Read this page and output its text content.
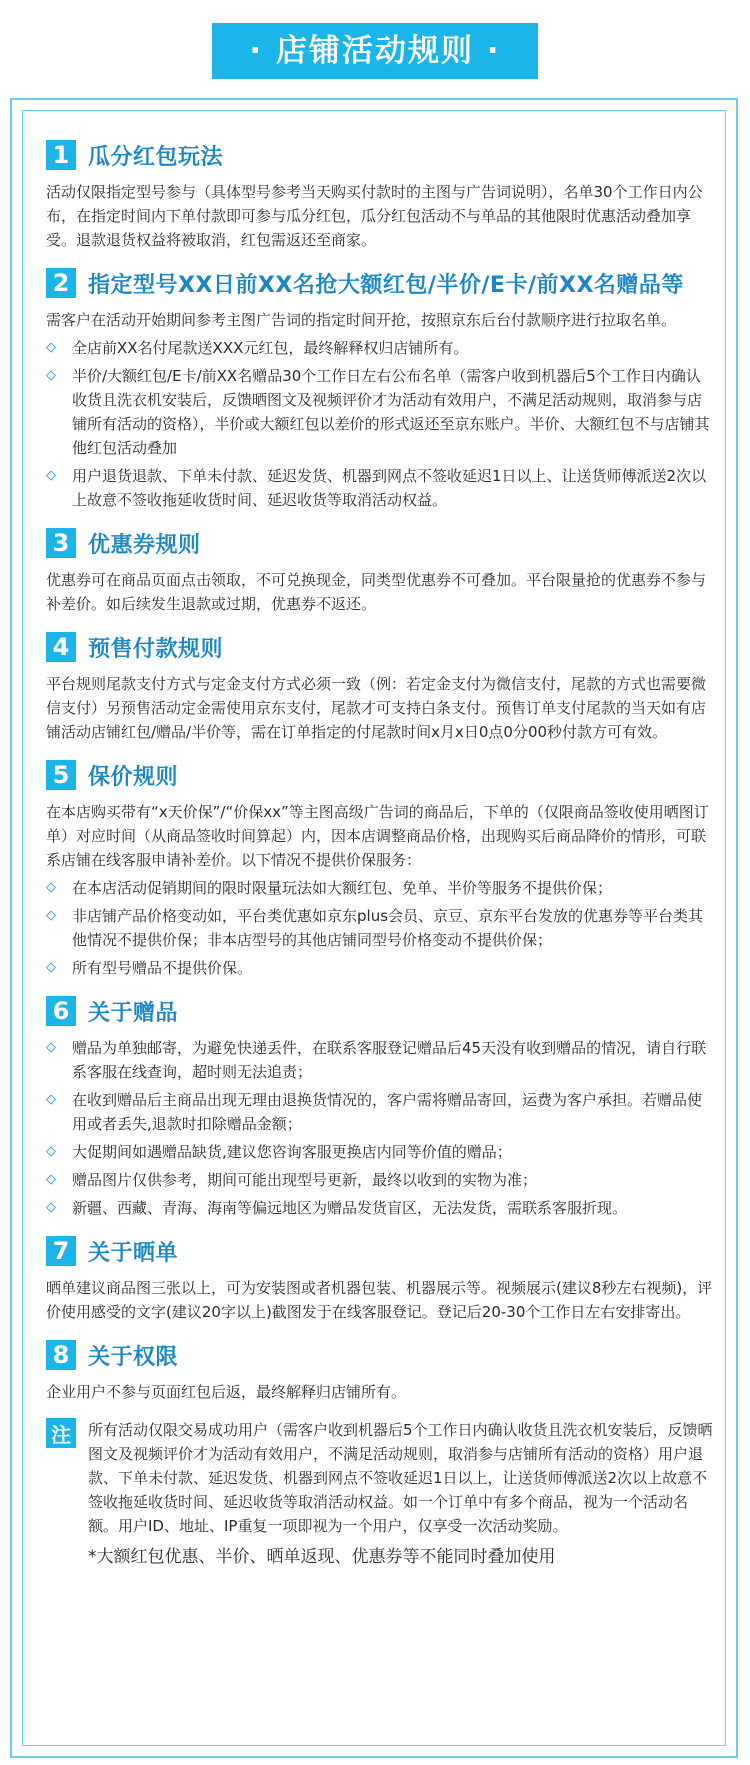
· 店铺活动规则 ·
1 瓜分红包玩法

活动仅限指定型号参与（具体型号参考当天购买付款时的主图与广告词说明），名单30个工作日内公布，在指定时间内下单付款即可参与瓜分红包，瓜分红包活动不与单品的其他限时优惠活动叠加享受。退款退货权益将被取消，红包需返还至商家。

2 指定型号XX日前XX名抢大额红包/半价/E卡/前XX名赠品等

需客户在活动开始期间参考主图广告词的指定时间开抢，按照京东后台付款顺序进行拉取名单。

◇	全店前XX名付尾款送XXX元红包，最终解释权归店铺所有。
◇	半价/大额红包/E卡/前XX名赠品30个工作日左右公布名单（需客户收到机器后5个工作日内确认收货且洗衣机安装后，反馈晒图文及视频评价才为活动有效用户，不满足活动规则，取消参与店铺所有活动的资格），半价或大额红包以差价的形式返还至京东账户。半价、大额红包不与店铺其他红包活动叠加
◇	用户退货退款、下单未付款、延迟发货、机器到网点不签收延迟1日以上、让送货师傅派送2次以上故意不签收拖延收货时间、延迟收货等取消活动权益。
3 优惠券规则

优惠券可在商品页面点击领取，不可兑换现金，同类型优惠券不可叠加。平台限量抢的优惠券不参与补差价。如后续发生退款或过期，优惠券不返还。

4 预售付款规则

平台规则尾款支付方式与定金支付方式必须一致（例：若定金支付为微信支付，尾款的方式也需要微信支付）另预售活动定金需使用京东支付，尾款才可支持白条支付。预售订单支付尾款的当天如有店铺活动店铺红包/赠品/半价等，需在订单指定的付尾款时间x月x日0点0分00秒付款方可有效。

5 保价规则

在本店购买带有“x天价保”/“价保xx”等主图高级广告词的商品后，下单的（仅限商品签收使用晒图订单）对应时间（从商品签收时间算起）内，因本店调整商品价格，出现购买后商品降价的情形，可联系店铺在线客服申请补差价。以下情况不提供价保服务：

◇	在本店活动促销期间的限时限量玩法如大额红包、免单、半价等服务不提供价保；
◇	非店铺产品价格变动如，平台类优惠如京东plus会员、京豆、京东平台发放的优惠券等平台类其他情况不提供价保；非本店型号的其他店铺同型号价格变动不提供价保；
◇	所有型号赠品不提供价保。
6 关于赠品
◇	赠品为单独邮寄，为避免快递丢件，在联系客服登记赠品后45天没有收到赠品的情况，请自行联系客服在线查询，超时则无法追责；
◇	在收到赠品后主商品出现无理由退换货情况的，客户需将赠品寄回，运费为客户承担。若赠品使用或者丢失,退款时扣除赠品金额；
◇	大促期间如遇赠品缺货,建议您咨询客服更换店内同等价值的赠品；
◇	赠品图片仅供参考，期间可能出现型号更新，最终以收到的实物为准；
◇	新疆、西藏、青海、海南等偏远地区为赠品发货盲区，无法发货，需联系客服折现。
7 关于晒单

晒单建议商品图三张以上，可为安装图或者机器包装、机器展示等。视频展示(建议8秒左右视频)，评价使用感受的文字(建议20字以上)截图发于在线客服登记。登记后20-30个工作日左右安排寄出。

8 关于权限

企业用户不参与页面红包后返，最终解释归店铺所有。

注	所有活动仅限交易成功用户（需客户收到机器后5个工作日内确认收货且洗衣机安装后，反馈晒图文及视频评价才为活动有效用户，不满足活动规则，取消参与店铺所有活动的资格）用户退款、下单未付款、延迟发货、机器到网点不签收延迟1日以上，让送货师傅派送2次以上故意不签收拖延收货时间、延迟收货等取消活动权益。如一个订单中有多个商品，视为一个活动名额。用户ID、地址、IP重复一项即视为一个用户，仅享受一次活动奖励。
*大额红包优惠、半价、晒单返现、优惠券等不能同时叠加使用
